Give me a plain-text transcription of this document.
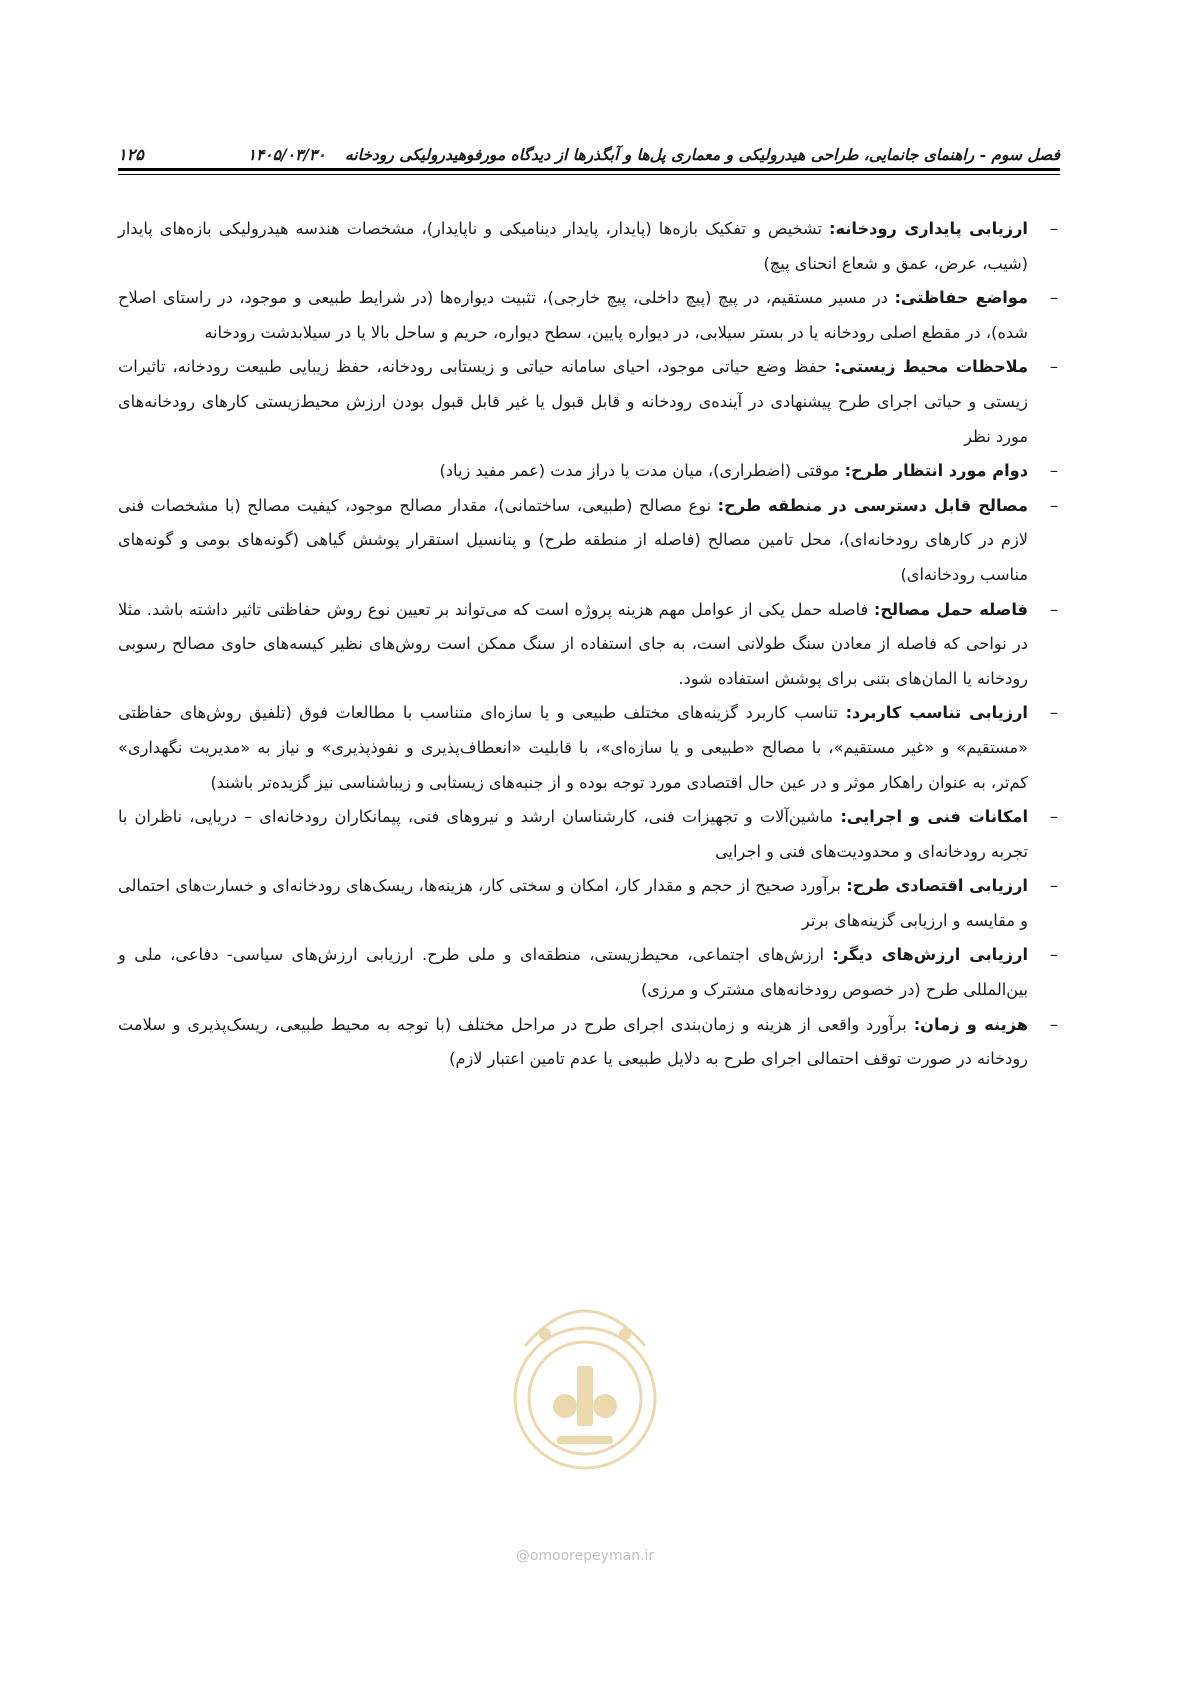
فصل سوم - راهنمای جانمایی، طراحی هیدرولیکی و معماری پل‌ها و آبگذرها از دیدگاه مورفوهیدرولیکی رودخانه ۱۴۰۵/۰۳/۳۰
۱۲۵
–
ارزیابی پایداری رودخانه: تشخیص و تفکیک بازه‌ها (پایدار، پایدار دینامیکی و ناپایدار)، مشخصات هندسه هیدرولیکی بازه‌های پایدار (شیب، عرض، عمق و شعاع انحنای پیچ)
–
مواضع حفاظتی: در مسیر مستقیم، در پیچ (پیچ داخلی، پیچ خارجی)، تثبیت دیواره‌ها (در شرایط طبیعی و موجود، در راستای اصلاح شده)، در مقطع اصلی رودخانه یا در بستر سیلابی، در دیواره پایین، سطح دیواره، حریم و ساحل بالا یا در سیلابدشت رودخانه
–
ملاحظات محیط زیستی: حفظ وضع حیاتی موجود، احیای سامانه حیاتی و زیستابی رودخانه، حفظ زیبایی طبیعت رودخانه، تاثیرات زیستی و حیاتی اجرای طرح پیشنهادی در آینده‌ی رودخانه و قابل قبول یا غیر قابل قبول بودن ارزش محیط‌زیستی کارهای رودخانه‌های مورد نظر
–
دوام مورد انتظار طرح: موقتی (اضطراری)، میان مدت یا دراز مدت (عمر مفید زیاد)
–
مصالح قابل دسترسی در منطقه طرح: نوع مصالح (طبیعی، ساختمانی)، مقدار مصالح موجود، کیفیت مصالح (با مشخصات فنی لازم در کارهای رودخانه‌ای)، محل تامین مصالح (فاصله از منطقه طرح) و پتانسیل استقرار پوشش گیاهی (گونه‌های بومی و گونه‌های مناسب رودخانه‌ای)
–
فاصله حمل مصالح: فاصله حمل یکی از عوامل مهم هزینه پروژه است که می‌تواند بر تعیین نوع روش حفاظتی تاثیر داشته باشد. مثلا در نواحی که فاصله از معادن سنگ طولانی است، به جای استفاده از سنگ ممکن است روش‌های نظیر کیسه‌های حاوی مصالح رسوبی رودخانه یا المان‌های بتنی برای پوشش استفاده شود.
–
ارزیابی تناسب کاربرد: تناسب کاربرد گزینه‌های مختلف طبیعی و یا سازه‌ای متناسب با مطالعات فوق (تلفیق روش‌های حفاظتی «مستقیم» و «غیر مستقیم»، با مصالح «طبیعی و یا سازه‌ای»، با قابلیت «انعطاف‌پذیری و نفوذپذیری» و نیاز به «مدیریت نگهداری» کم‌تر، به عنوان راهکار موثر و در عین حال اقتصادی مورد توجه بوده و از جنبه‌های زیستابی و زیباشناسی نیز گزیده‌تر باشند)
–
امکانات فنی و اجرایی: ماشین‌آلات و تجهیزات فنی، کارشناسان ارشد و نیروهای فنی، پیمانکاران رودخانه‌ای – دریایی، ناظران با تجربه رودخانه‌ای و محدودیت‌های فنی و اجرایی
–
ارزیابی اقتصادی طرح: برآورد صحیح از حجم و مقدار کار، امکان و سختی کار، هزینه‌ها، ریسک‌های رودخانه‌ای و خسارت‌های احتمالی و مقایسه و ارزیابی گزینه‌های برتر
–
ارزیابی ارزش‌های دیگر: ارزش‌های اجتماعی، محیط‌زیستی، منطقه‌ای و ملی طرح. ارزیابی ارزش‌های سیاسی- دفاعی، ملی و بین‌المللی طرح (در خصوص رودخانه‌های مشترک و مرزی)
–
هزینه و زمان: برآورد واقعی از هزینه و زمان‌بندی اجرای طرح در مراحل مختلف (با توجه به محیط طبیعی، ریسک‌پذیری و سلامت رودخانه در صورت توقف احتمالی اجرای طرح به دلایل طبیعی یا عدم تامین اعتبار لازم)
@omoorepeyman.ir
